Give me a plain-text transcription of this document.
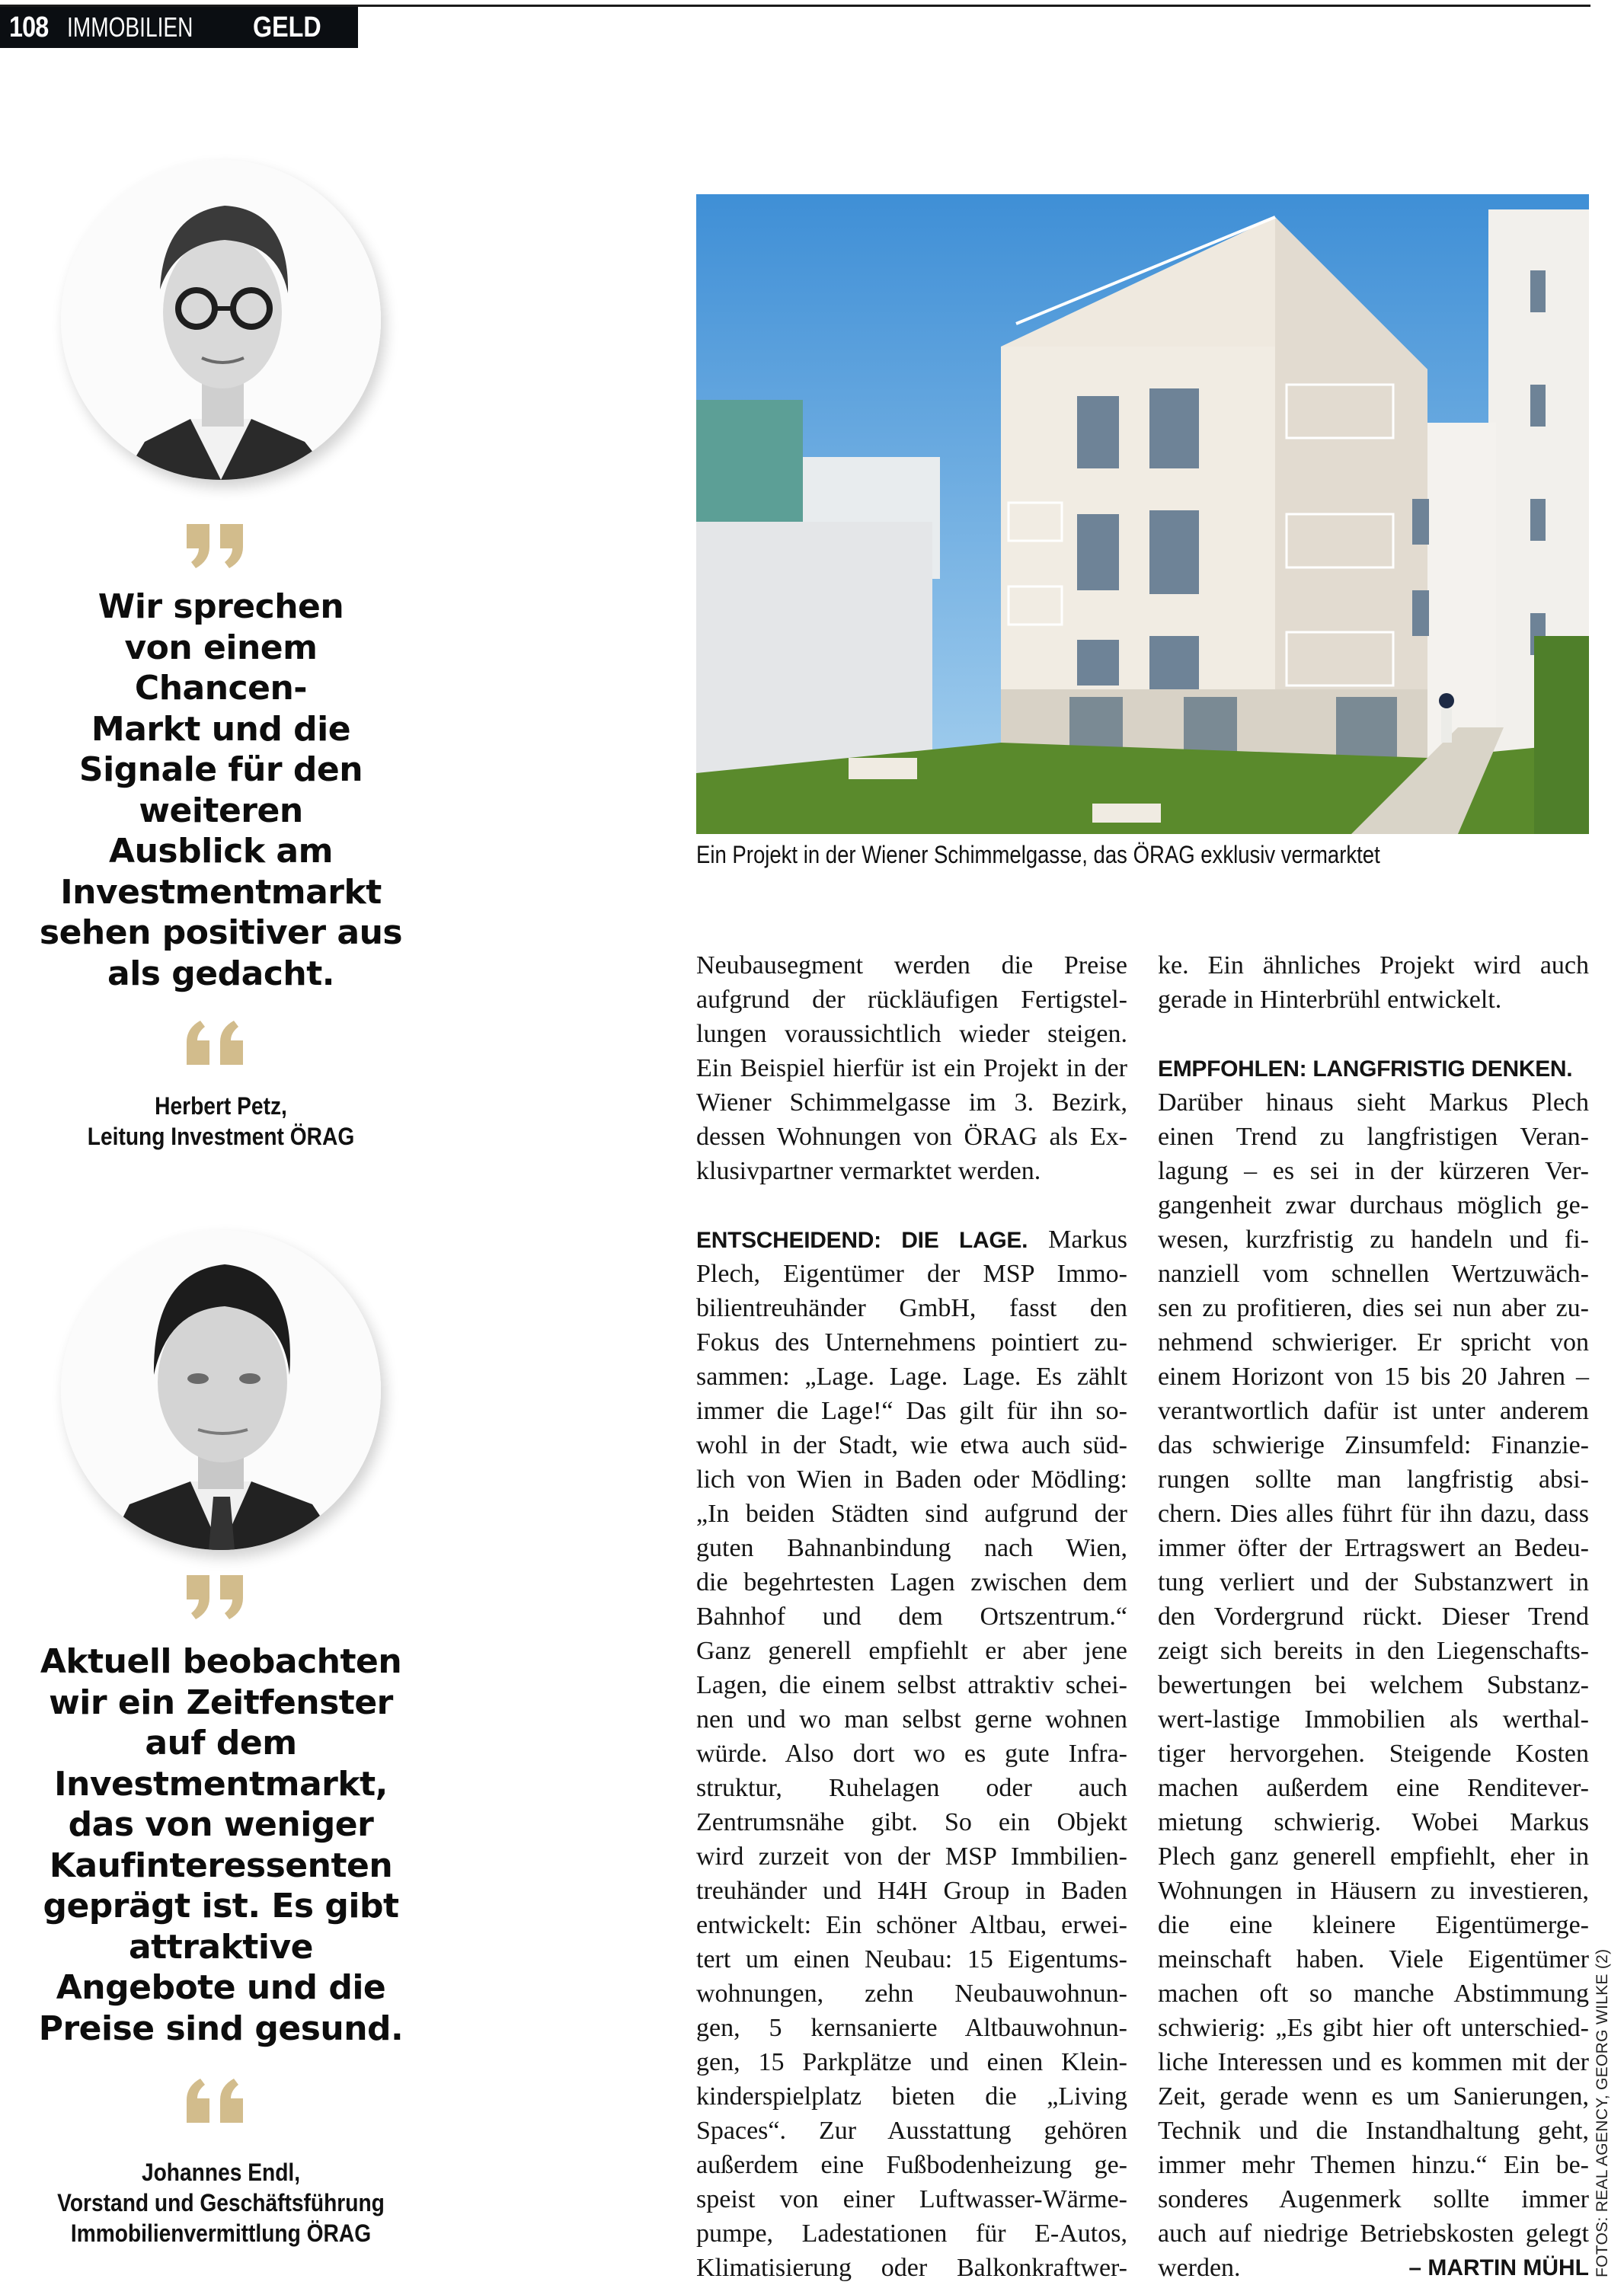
108 IMMOBILIEN GELD
Wir sprechen
von einem
Chancen-
Markt und die
Signale für den
weiteren
Ausblick am
Investmentmarkt
sehen positiver aus
als gedacht.
Herbert Petz,
Leitung Investment ÖRAG
Aktuell beobachten
wir ein Zeitfenster
auf dem
Investmentmarkt,
das von weniger
Kaufinteressenten
geprägt ist. Es gibt
attraktive
Angebote und die
Preise sind gesund.
Johannes Endl,
Vorstand und Geschäftsführung
Immobilienvermittlung ÖRAG
Ein Projekt in der Wiener Schimmelgasse, das ÖRAG exklusiv vermarktet
Neubausegment werden die Preise
aufgrund der rückläufigen Fertigstel-
lungen voraussichtlich wieder steigen.
Ein Beispiel hierfür ist ein Projekt in der
Wiener Schimmelgasse im 3. Bezirk,
dessen Wohnungen von ÖRAG als Ex-
klusivpartner vermarktet werden.
ENTSCHEIDEND: DIE LAGE. Markus
Plech, Eigentümer der MSP Immo-
bilientreuhänder GmbH, fasst den
Fokus des Unternehmens pointiert zu-
sammen: „Lage. Lage. Lage. Es zählt
immer die Lage!“ Das gilt für ihn so-
wohl in der Stadt, wie etwa auch süd-
lich von Wien in Baden oder Mödling:
„In beiden Städten sind aufgrund der
guten Bahnanbindung nach Wien,
die begehrtesten Lagen zwischen dem
Bahnhof und dem Ortszentrum.“
Ganz generell empfiehlt er aber jene
Lagen, die einem selbst attraktiv schei-
nen und wo man selbst gerne wohnen
würde. Also dort wo es gute Infra-
struktur, Ruhelagen oder auch
Zentrumsnähe gibt. So ein Objekt
wird zurzeit von der MSP Immbilien-
treuhänder und H4H Group in Baden
entwickelt: Ein schöner Altbau, erwei-
tert um einen Neubau: 15 Eigentums-
wohnungen, zehn Neubauwohnun-
gen, 5 kernsanierte Altbauwohnun-
gen, 15 Parkplätze und einen Klein-
kinderspielplatz bieten die „Living
Spaces“. Zur Ausstattung gehören
außerdem eine Fußbodenheizung ge-
speist von einer Luftwasser-Wärme-
pumpe, Ladestationen für E-Autos,
Klimatisierung oder Balkonkraftwer-
ke. Ein ähnliches Projekt wird auch
gerade in Hinterbrühl entwickelt.
EMPFOHLEN: LANGFRISTIG DENKEN.
Darüber hinaus sieht Markus Plech
einen Trend zu langfristigen Veran-
lagung – es sei in der kürzeren Ver-
gangenheit zwar durchaus möglich ge-
wesen, kurzfristig zu handeln und fi-
nanziell vom schnellen Wertzuwäch-
sen zu profitieren, dies sei nun aber zu-
nehmend schwieriger. Er spricht von
einem Horizont von 15 bis 20 Jahren –
verantwortlich dafür ist unter anderem
das schwierige Zinsumfeld: Finanzie-
rungen sollte man langfristig absi-
chern. Dies alles führt für ihn dazu, dass
immer öfter der Ertragswert an Bedeu-
tung verliert und der Substanzwert in
den Vordergrund rückt. Dieser Trend
zeigt sich bereits in den Liegenschafts-
bewertungen bei welchem Substanz-
wert-lastige Immobilien als werthal-
tiger hervorgehen. Steigende Kosten
machen außerdem eine Renditever-
mietung schwierig. Wobei Markus
Plech ganz generell empfiehlt, eher in
Wohnungen in Häusern zu investieren,
die eine kleinere Eigentümerge-
meinschaft haben. Viele Eigentümer
machen oft so manche Abstimmung
schwierig: „Es gibt hier oft unterschied-
liche Interessen und es kommen mit der
Zeit, gerade wenn es um Sanierungen,
Technik und die Instandhaltung geht,
immer mehr Themen hinzu.“ Ein be-
sonderes Augenmerk sollte immer
auch auf niedrige Betriebskosten gelegt
werden.	– MARTIN MÜHL FOTOS: REAL AGENCY, GEORG WILKE (2)
